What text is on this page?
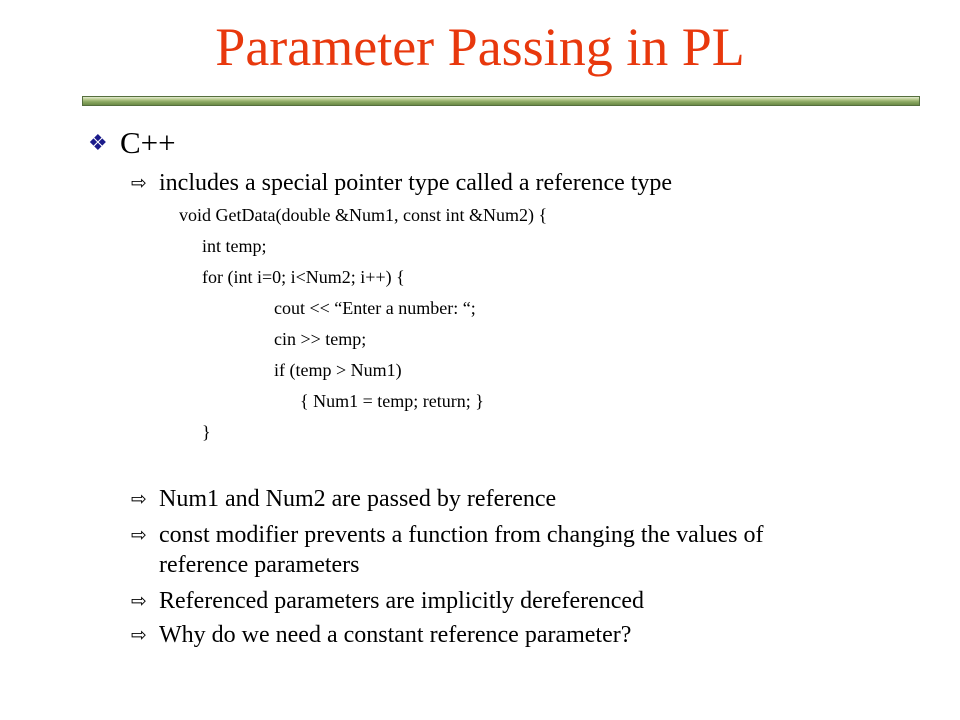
Parameter Passing in PL
❖ C++
⇨ includes a special pointer type called a reference type
void GetData(double &Num1, const int &Num2) {
int temp;
for (int i=0; i<Num2; i++) {
cout << “Enter a number: “;
cin >> temp;
if (temp > Num1)
{ Num1 = temp; return; }
}
⇨ Num1 and Num2 are passed by reference
⇨ const modifier prevents a function from changing the values of reference parameters
⇨ Referenced parameters are implicitly dereferenced
⇨ Why do we need a constant reference parameter?
